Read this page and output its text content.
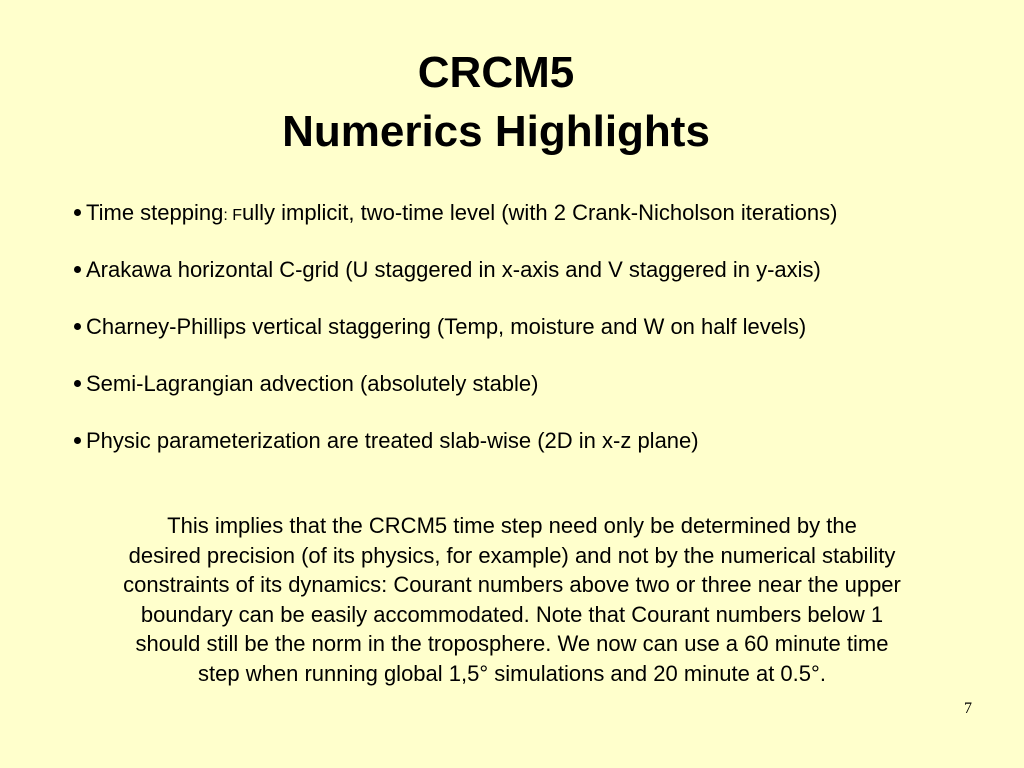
CRCM5
Numerics Highlights
Time stepping: Fully implicit, two-time level (with 2 Crank-Nicholson iterations)
Arakawa horizontal C-grid (U staggered in x-axis and V staggered in y-axis)
Charney-Phillips vertical staggering (Temp, moisture and W on half levels)
Semi-Lagrangian advection (absolutely stable)
Physic parameterization are treated slab-wise (2D in x-z plane)

This implies that the CRCM5 time step need only be determined by the
desired precision (of its physics, for example) and not by the numerical stability
constraints of its dynamics: Courant numbers above two or three near the upper
boundary can be easily accommodated. Note that Courant numbers below 1
should still be the norm in the troposphere. We now can use a 60 minute time
step when running global 1,5° simulations and 20 minute at 0.5°.

7
